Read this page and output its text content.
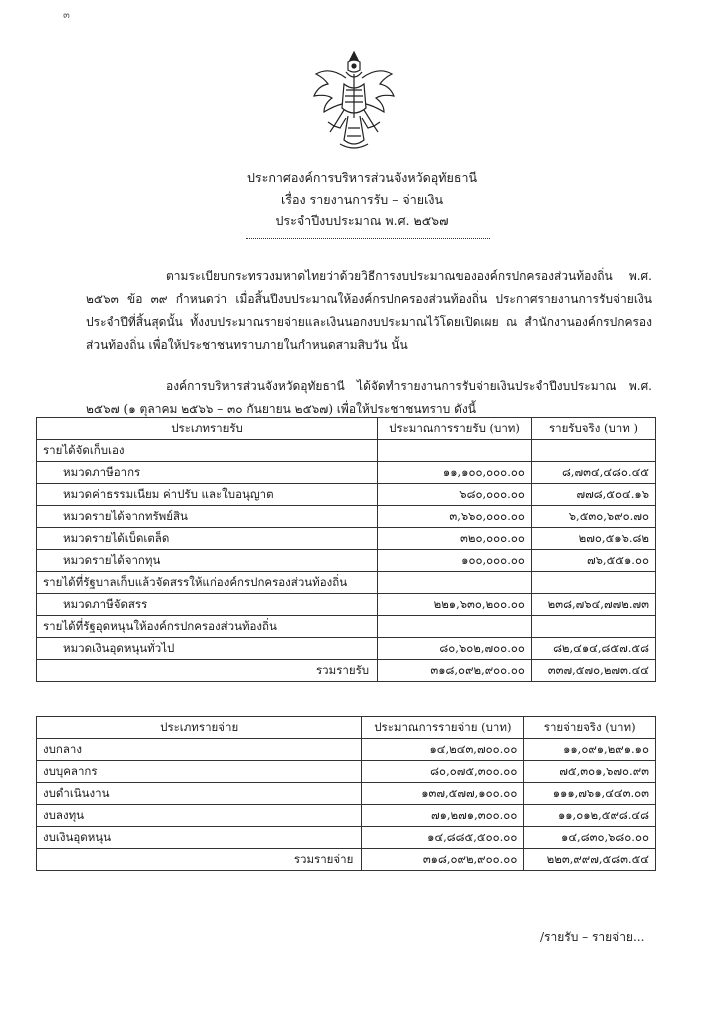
๓
ประกาศองค์การบริหารส่วนจังหวัดอุทัยธานี
เรื่อง รายงานการรับ – จ่ายเงิน
ประจำปีงบประมาณ พ.ศ. ๒๕๖๗

ตามระเบียบกระทรวงมหาดไทยว่าด้วยวิธีการงบประมาณขององค์กรปกครองส่วนท้องถิ่น พ.ศ. ๒๕๖๓ ข้อ ๓๙ กำหนดว่า เมื่อสิ้นปีงบประมาณให้องค์กรปกครองส่วนท้องถิ่น ประกาศรายงานการรับจ่ายเงินประจำปีที่สิ้นสุดนั้น ทั้งงบประมาณรายจ่ายและเงินนอกงบประมาณไว้โดยเปิดเผย ณ สำนักงานองค์กรปกครองส่วนท้องถิ่น เพื่อให้ประชาชนทราบภายในกำหนดสามสิบวัน นั้น

องค์การบริหารส่วนจังหวัดอุทัยธานี ได้จัดทำรายงานการรับจ่ายเงินประจำปีงบประมาณ พ.ศ. ๒๕๖๗ (๑ ตุลาคม ๒๕๖๖ – ๓๐ กันยายน ๒๕๖๗) เพื่อให้ประชาชนทราบ ดังนี้

ประเภทรายรับ	ประมาณการรายรับ (บาท)	รายรับจริง (บาท )
รายได้จัดเก็บเอง		
หมวดภาษีอากร	๑๑,๑๐๐,๐๐๐.๐๐	๘,๗๓๔,๔๘๐.๔๕
หมวดค่าธรรมเนียม ค่าปรับ และใบอนุญาต	๖๘๐,๐๐๐.๐๐	๗๗๘,๕๐๔.๑๖
หมวดรายได้จากทรัพย์สิน	๓,๖๖๐,๐๐๐.๐๐	๖,๕๓๐,๖๙๐.๗๐
หมวดรายได้เบ็ดเตล็ด	๓๒๐,๐๐๐.๐๐	๒๗๐,๕๑๖.๘๒
หมวดรายได้จากทุน	๑๐๐,๐๐๐.๐๐	๗๖,๕๕๑.๐๐
รายได้ที่รัฐบาลเก็บแล้วจัดสรรให้แก่องค์กรปกครองส่วนท้องถิ่น		
หมวดภาษีจัดสรร	๒๒๑,๖๓๐,๒๐๐.๐๐	๒๓๘,๗๖๔,๗๗๒.๗๓
รายได้ที่รัฐอุดหนุนให้องค์กรปกครองส่วนท้องถิ่น		
หมวดเงินอุดหนุนทั่วไป	๘๐,๖๐๒,๗๐๐.๐๐	๘๒,๔๑๔,๘๕๗.๕๘
รวมรายรับ	๓๑๘,๐๙๒,๙๐๐.๐๐	๓๓๗,๕๗๐,๒๗๓.๔๔
ประเภทรายจ่าย	ประมาณการรายจ่าย (บาท)	รายจ่ายจริง (บาท)
งบกลาง	๑๔,๒๔๓,๗๐๐.๐๐	๑๑,๐๙๑,๒๙๑.๑๐
งบบุคลากร	๘๐,๐๗๕,๓๐๐.๐๐	๗๕,๓๐๑,๖๗๐.๙๓
งบดำเนินงาน	๑๓๗,๕๗๗,๑๐๐.๐๐	๑๑๑,๗๖๑,๔๔๓.๐๓
งบลงทุน	๗๑,๒๗๑,๓๐๐.๐๐	๑๑,๐๑๒,๕๙๘.๔๘
งบเงินอุดหนุน	๑๔,๘๘๕,๕๐๐.๐๐	๑๔,๘๓๐,๖๘๐.๐๐
รวมรายจ่าย	๓๑๘,๐๙๒,๙๐๐.๐๐	๒๒๓,๙๙๗,๕๘๓.๕๔
/รายรับ – รายจ่าย...
